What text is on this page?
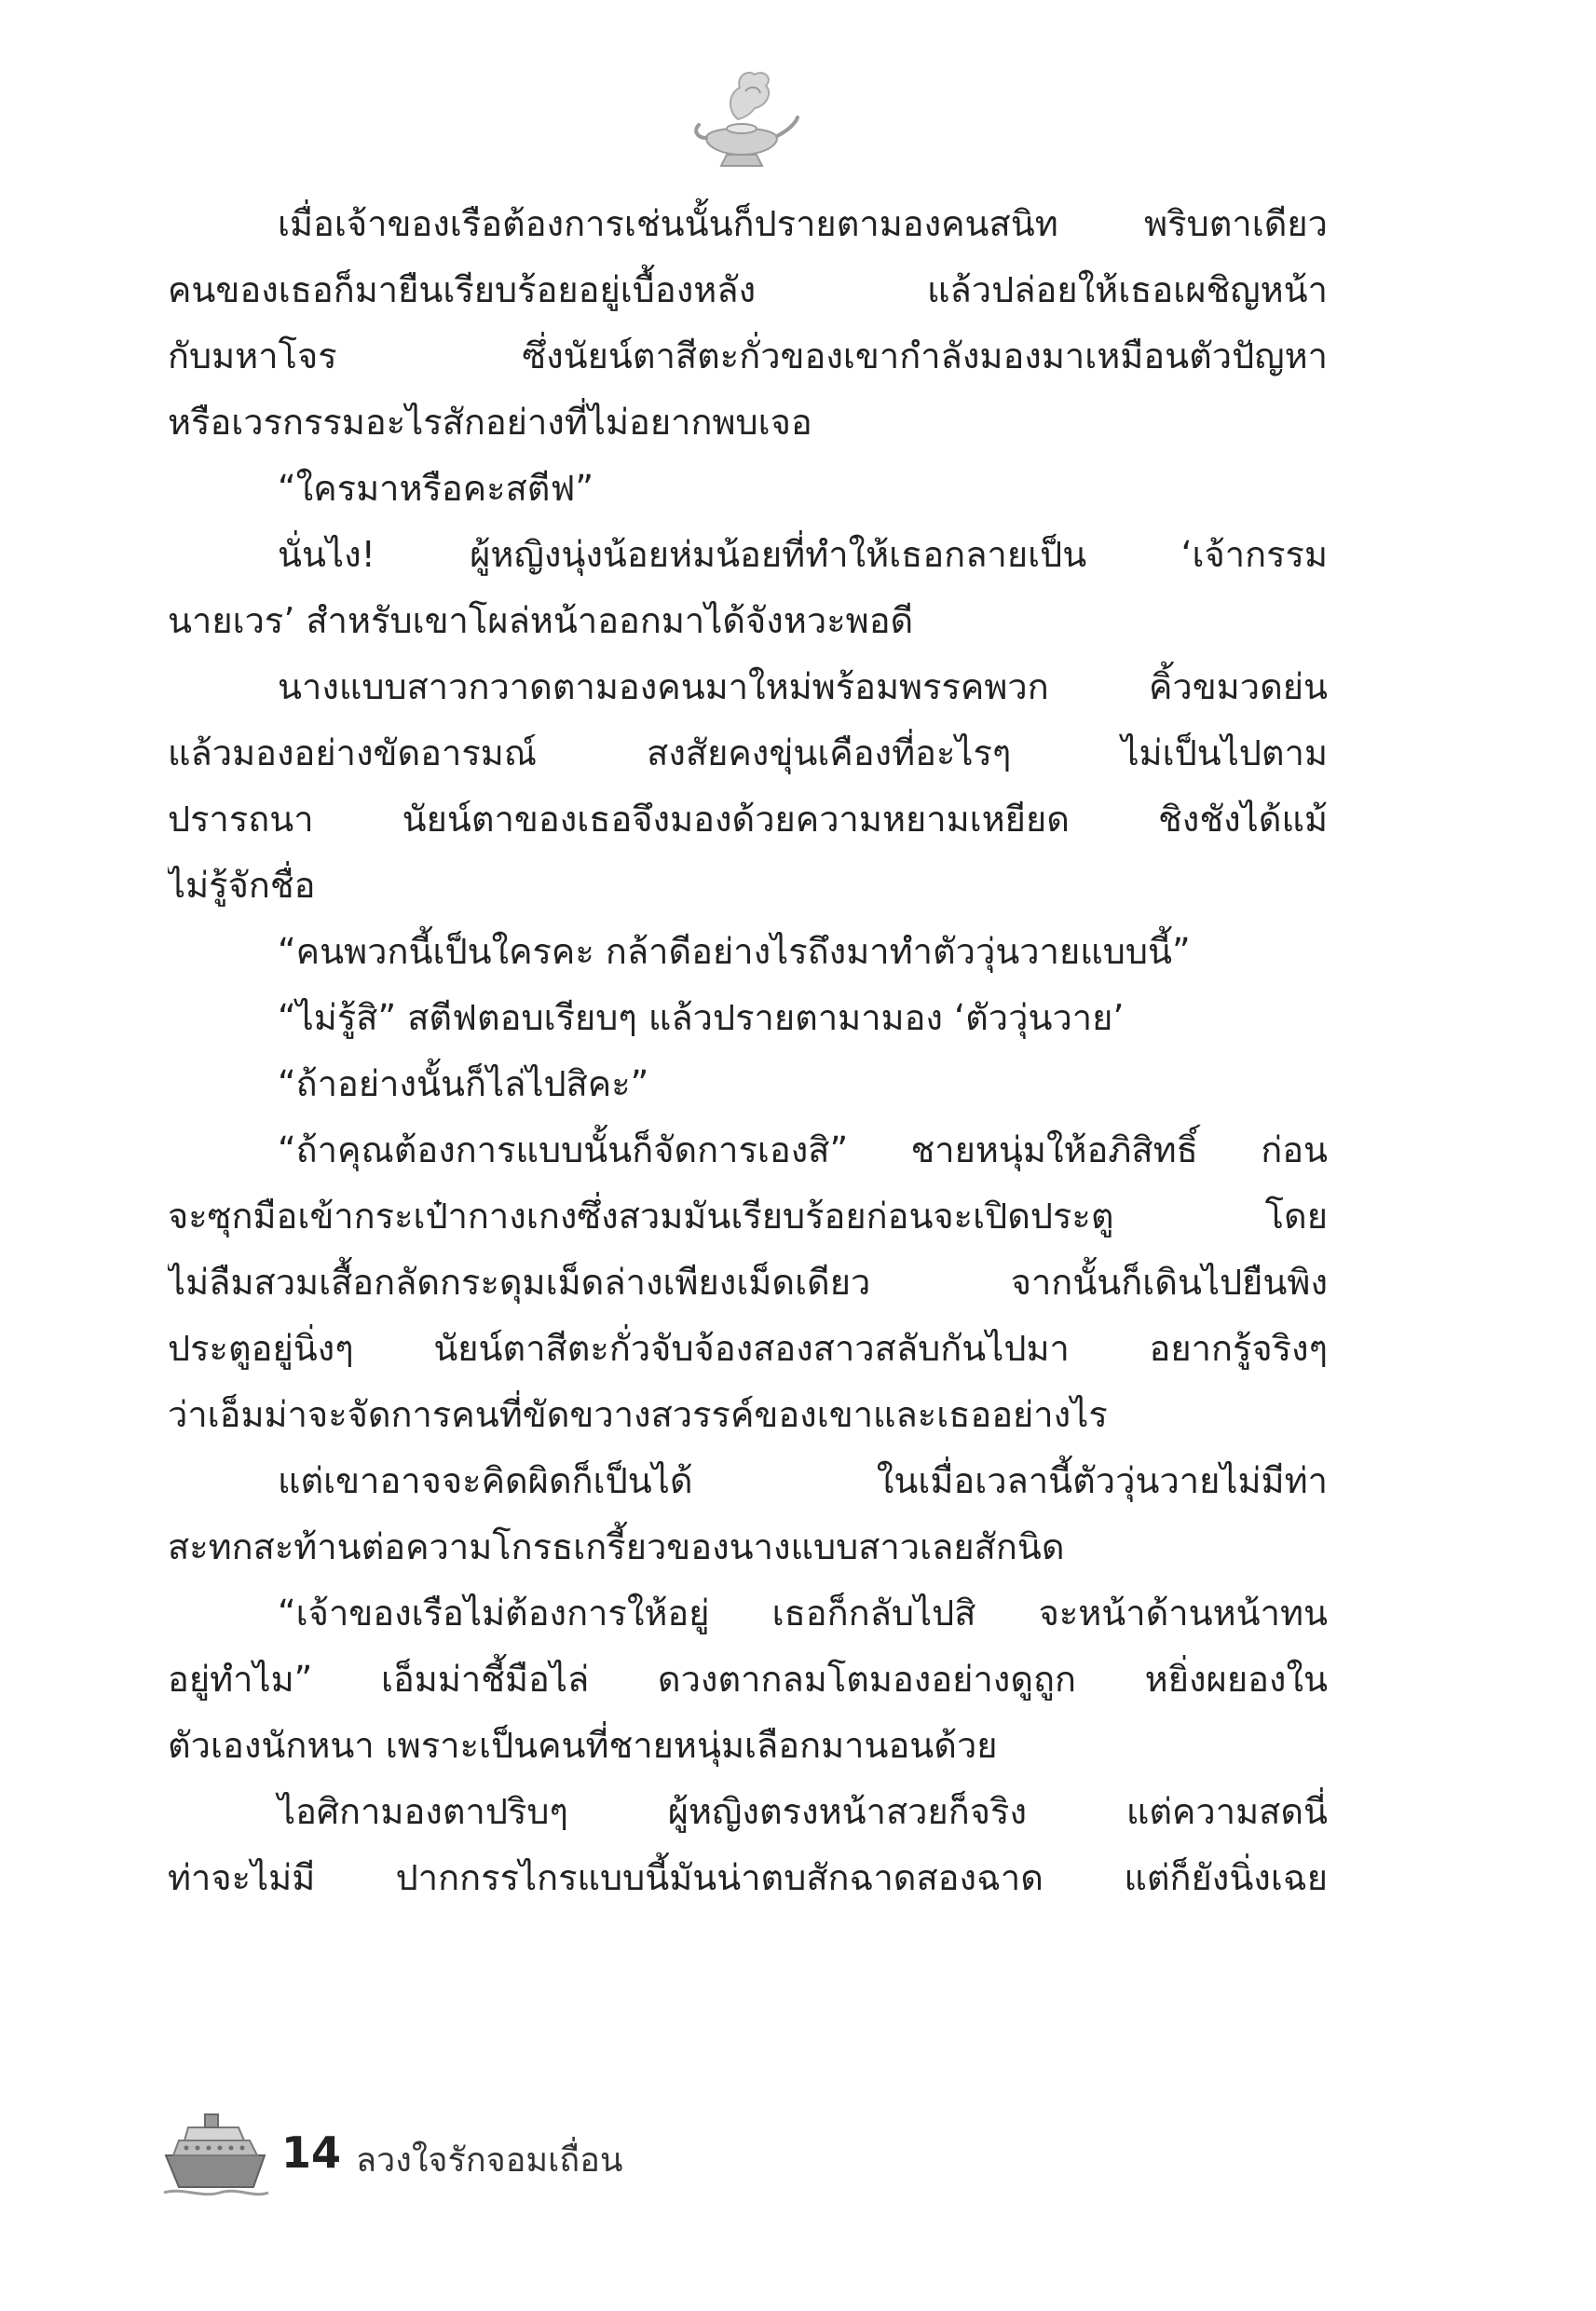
เมื่อเจ้าของเรือต้องการเช่นนั้นก็ปรายตามองคนสนิท พริบตาเดียว
คนของเธอก็มายืนเรียบร้อยอยู่เบื้องหลัง แล้วปล่อยให้เธอเผชิญหน้า
กับมหาโจร ซึ่งนัยน์ตาสีตะกั่วของเขากำลังมองมาเหมือนตัวปัญหา
หรือเวรกรรมอะไรสักอย่างที่ไม่อยากพบเจอ
“ใครมาหรือคะสตีฟ”
นั่นไง! ผู้หญิงนุ่งน้อยห่มน้อยที่ทำให้เธอกลายเป็น ‘เจ้ากรรม
นายเวร’ สำหรับเขาโผล่หน้าออกมาได้จังหวะพอดี
นางแบบสาวกวาดตามองคนมาใหม่พร้อมพรรคพวก คิ้วขมวดย่น
แล้วมองอย่างขัดอารมณ์ สงสัยคงขุ่นเคืองที่อะไรๆ ไม่เป็นไปตาม
ปรารถนา นัยน์ตาของเธอจึงมองด้วยความหยามเหยียด ชิงชังได้แม้
ไม่รู้จักชื่อ
“คนพวกนี้เป็นใครคะ กล้าดีอย่างไรถึงมาทำตัววุ่นวายแบบนี้”
“ไม่รู้สิ” สตีฟตอบเรียบๆ แล้วปรายตามามอง ‘ตัววุ่นวาย’
“ถ้าอย่างนั้นก็ไล่ไปสิคะ”
“ถ้าคุณต้องการแบบนั้นก็จัดการเองสิ” ชายหนุ่มให้อภิสิทธิ์ ก่อน
จะซุกมือเข้ากระเป๋ากางเกงซึ่งสวมมันเรียบร้อยก่อนจะเปิดประตู โดย
ไม่ลืมสวมเสื้อกลัดกระดุมเม็ดล่างเพียงเม็ดเดียว จากนั้นก็เดินไปยืนพิง
ประตูอยู่นิ่งๆ นัยน์ตาสีตะกั่วจับจ้องสองสาวสลับกันไปมา อยากรู้จริงๆ
ว่าเอ็มม่าจะจัดการคนที่ขัดขวางสวรรค์ของเขาและเธออย่างไร
แต่เขาอาจจะคิดผิดก็เป็นได้ ในเมื่อเวลานี้ตัววุ่นวายไม่มีท่า
สะทกสะท้านต่อความโกรธเกรี้ยวของนางแบบสาวเลยสักนิด
“เจ้าของเรือไม่ต้องการให้อยู่ เธอก็กลับไปสิ จะหน้าด้านหน้าทน
อยู่ทำไม” เอ็มม่าชี้มือไล่ ดวงตากลมโตมองอย่างดูถูก หยิ่งผยองใน
ตัวเองนักหนา เพราะเป็นคนที่ชายหนุ่มเลือกมานอนด้วย
ไอศิกามองตาปริบๆ ผู้หญิงตรงหน้าสวยก็จริง แต่ความสดนี่
ท่าจะไม่มี ปากกรรไกรแบบนี้มันน่าตบสักฉาดสองฉาด แต่ก็ยังนิ่งเฉย
14 ลวงใจรักจอมเถื่อน
